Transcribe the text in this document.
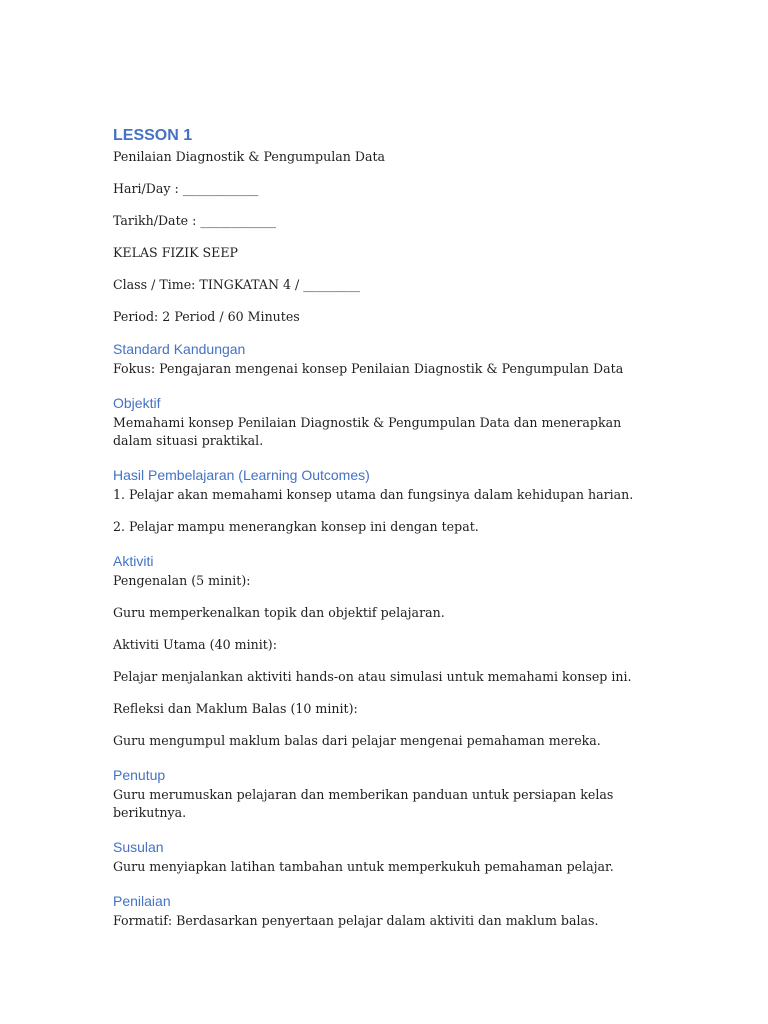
LESSON 1

Penilaian Diagnostik & Pengumpulan Data

Hari/Day : ____________

Tarikh/Date : ____________

KELAS FIZIK SEEP

Class / Time: TINGKATAN 4 / _________

Period: 2 Period / 60 Minutes

Standard Kandungan

Fokus: Pengajaran mengenai konsep Penilaian Diagnostik & Pengumpulan Data

Objektif

Memahami konsep Penilaian Diagnostik & Pengumpulan Data dan menerapkan dalam situasi praktikal.

Hasil Pembelajaran (Learning Outcomes)

1. Pelajar akan memahami konsep utama dan fungsinya dalam kehidupan harian.

2. Pelajar mampu menerangkan konsep ini dengan tepat.

Aktiviti

Pengenalan (5 minit):

Guru memperkenalkan topik dan objektif pelajaran.

Aktiviti Utama (40 minit):

Pelajar menjalankan aktiviti hands-on atau simulasi untuk memahami konsep ini.

Refleksi dan Maklum Balas (10 minit):

Guru mengumpul maklum balas dari pelajar mengenai pemahaman mereka.

Penutup

Guru merumuskan pelajaran dan memberikan panduan untuk persiapan kelas berikutnya.

Susulan

Guru menyiapkan latihan tambahan untuk memperkukuh pemahaman pelajar.

Penilaian

Formatif: Berdasarkan penyertaan pelajar dalam aktiviti dan maklum balas.
